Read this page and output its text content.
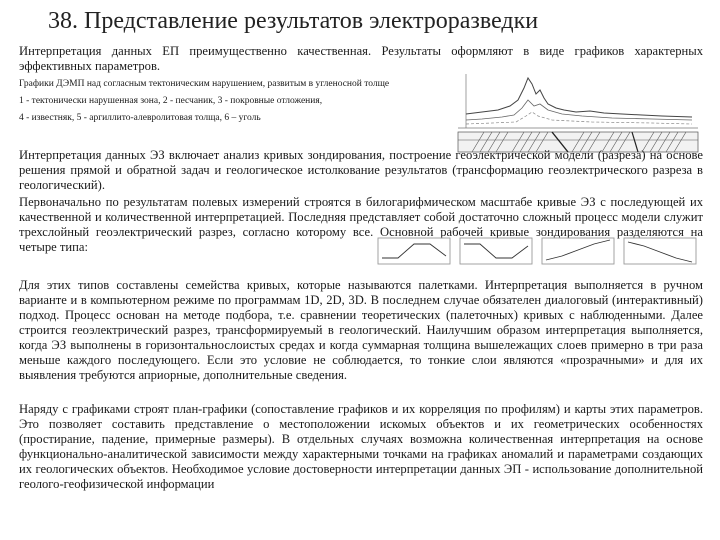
38. Представление результатов электроразведки
Интерпретация данных ЕП преимущественно качественная. Результаты оформляют в виде графиков характерных эффективных параметров.
Графики ДЭМП над согласным тектоническим нарушением, развитым в угленосной толще
1 - тектонически нарушенная зона, 2 - песчаник, 3 - покровные отложения,
4 - известняк, 5 - аргиллито-алевролитовая толща, 6 – уголь
Интерпретация данных ЭЗ включает анализ кривых зондирования, построение геоэлектрической модели (разреза) на основе решения прямой и обратной задач и геологическое истолкование результатов (трансформацию геоэлектрического разреза в геологический).
Первоначально по результатам полевых измерений строятся в билогарифмическом масштабе кривые ЭЗ с последующей их качественной и количественной интерпретацией. Последняя представляет собой достаточно сложный процесс модели служит трехслойный геоэлектрический разрез, согласно которому все. Основной рабочей кривые зондирования разделяются на четыре типа:
Для этих типов составлены семейства кривых, которые называются палетками. Интерпретация выполняется в ручном варианте и в компьютерном режиме по программам 1D, 2D, 3D. В последнем случае обязателен диалоговый (интерактивный) подход. Процесс основан на методе подбора, т.е. сравнении теоретических (палеточных) кривых с наблюденными. Далее строится геоэлектрический разрез, трансформируемый в геологический. Наилучшим образом интерпретация выполняется, когда ЭЗ выполнены в горизонтальнослоистых средах и когда суммарная толщина вышележащих слоев примерно в три раза меньше каждого последующего. Если это условие не соблюдается, то тонкие слои являются «прозрачными» и для их выявления требуются априорные, дополнительные сведения.
Наряду с графиками строят план-графики (сопоставление графиков и их корреляция по профилям) и карты этих параметров. Это позволяет составить представление о местоположении искомых объектов и их геометрических особенностях (простирание, падение, примерные размеры). В отдельных случаях возможна количественная интерпретация на основе функционально-аналитической зависимости между характерными точками на графиках аномалий и параметрами создающих их геологических объектов. Необходимое условие достоверности интерпретации данных ЭП - использование дополнительной геолого-геофизической информации
